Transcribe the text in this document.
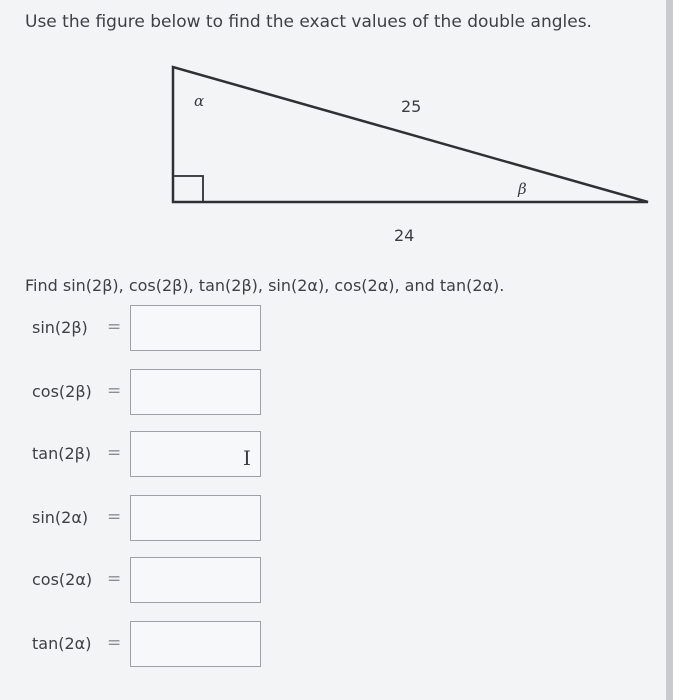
Use the figure below to find the exact values of the double angles.
α	25
β
24
Find sin(2β), cos(2β), tan(2β), sin(2α), cos(2α), and tan(2α).
sin(2β) =
cos(2β) =
tan(2β) =
sin(2α) =
cos(2α) =
tan(2α) =
I
